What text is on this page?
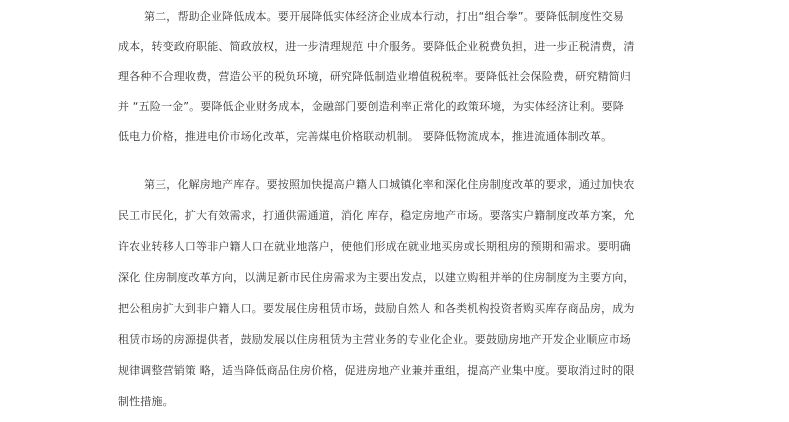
第二，帮助企业降低成本。要开展降低实体经济企业成本行动，打出“组合拳”。要降低制度性交易
成本，转变政府职能、简政放权，进一步清理规范 中介服务。要降低企业税费负担，进一步正税清费，清
理各种不合理收费，营造公平的税负环境，研究降低制造业增值税税率。要降低社会保险费，研究精简归
并 “五险一金”。要降低企业财务成本，金融部门要创造利率正常化的政策环境，为实体经济让利。要降
低电力价格，推进电价市场化改革，完善煤电价格联动机制。 要降低物流成本，推进流通体制改革。
第三，化解房地产库存。要按照加快提高户籍人口城镇化率和深化住房制度改革的要求，通过加快农
民工市民化，扩大有效需求，打通供需通道，消化 库存，稳定房地产市场。要落实户籍制度改革方案，允
许农业转移人口等非户籍人口在就业地落户，使他们形成在就业地买房或长期租房的预期和需求。要明确
深化 住房制度改革方向，以满足新市民住房需求为主要出发点，以建立购租并举的住房制度为主要方向，
把公租房扩大到非户籍人口。要发展住房租赁市场，鼓励自然人 和各类机构投资者购买库存商品房，成为
租赁市场的房源提供者，鼓励发展以住房租赁为主营业务的专业化企业。要鼓励房地产开发企业顺应市场
规律调整营销策 略，适当降低商品住房价格，促进房地产业兼并重组，提高产业集中度。要取消过时的限
制性措施。
